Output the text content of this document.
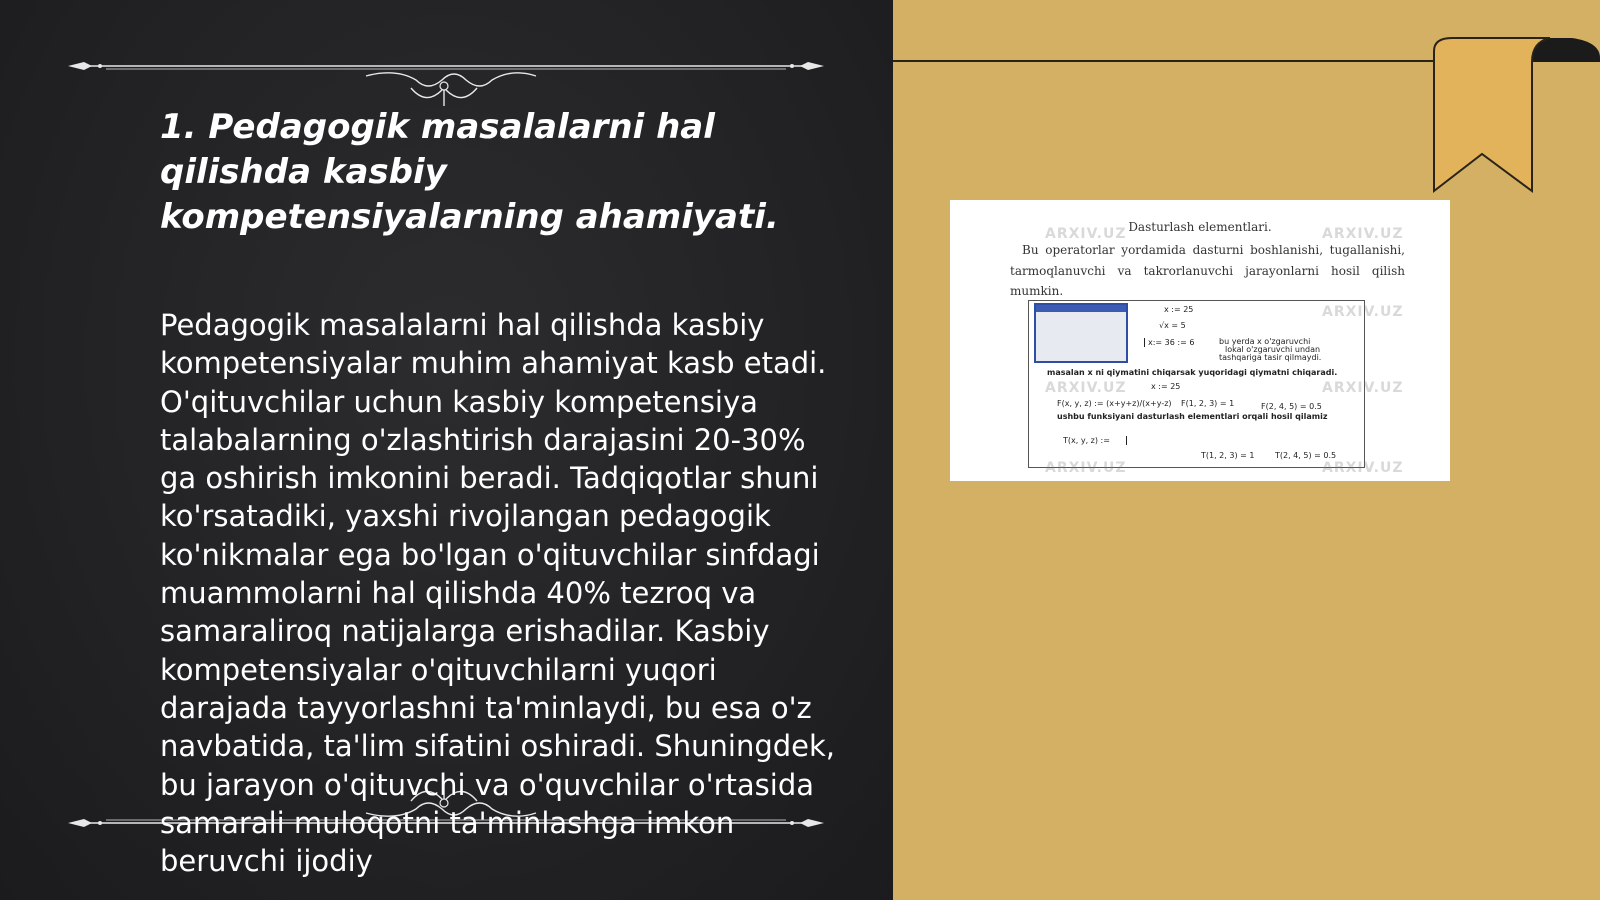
1. Pedagogik masalalarni hal qilishda kasbiy kompetensiyalarning ahamiyati.

Pedagogik masalalarni hal qilishda kasbiy kompetensiyalar muhim ahamiyat kasb etadi. O'qituvchilar uchun kasbiy kompetensiya talabalarning o'zlashtirish darajasini 20-30% ga oshirish imkonini beradi. Tadqiqotlar shuni ko'rsatadiki, yaxshi rivojlangan pedagogik ko'nikmalar ega bo'lgan o'qituvchilar sinfdagi muammolarni hal qilishda 40% tezroq va samaraliroq natijalarga erishadilar. Kasbiy kompetensiyalar o'qituvchilarni yuqori darajada tayyorlashni ta'minlaydi, bu esa o'z navbatida, ta'lim sifatini oshiradi. Shuningdek, bu jarayon o'qituvchi va o'quvchilar o'rtasida samarali muloqotni ta'minlashga imkon beruvchi ijodiy

Dasturlash elementlari.
Bu operatorlar yordamida dasturni boshlanishi, tugallanishi, tarmoqlanuvchi va takrorlanuvchi jarayonlarni hosil qilish mumkin.
x := 25
√x = 5
x:= 36 := 6	bu yerda x o'zgaruvchi
lokal o'zgaruvchi undan
tashqariga tasir qilmaydi.
masalan x ni qiymatini chiqarsak yuqoridagi qiymatni chiqaradi.
x := 25
F(x, y, z) := (x+y+z)/(x+y-z) F(1, 2, 3) = 1	F(2, 4, 5) = 0.5
ushbu funksiyani dasturlash elementlari orqali hosil qilamiz
T(x, y, z) :=
T(1, 2, 3) = 1	T(2, 4, 5) = 0.5
ARXIV.UZ	ARXIV.UZ
ARXIV.UZ
ARXIV.UZ	ARXIV.UZ
ARXIV.UZ	ARXIV.UZ
